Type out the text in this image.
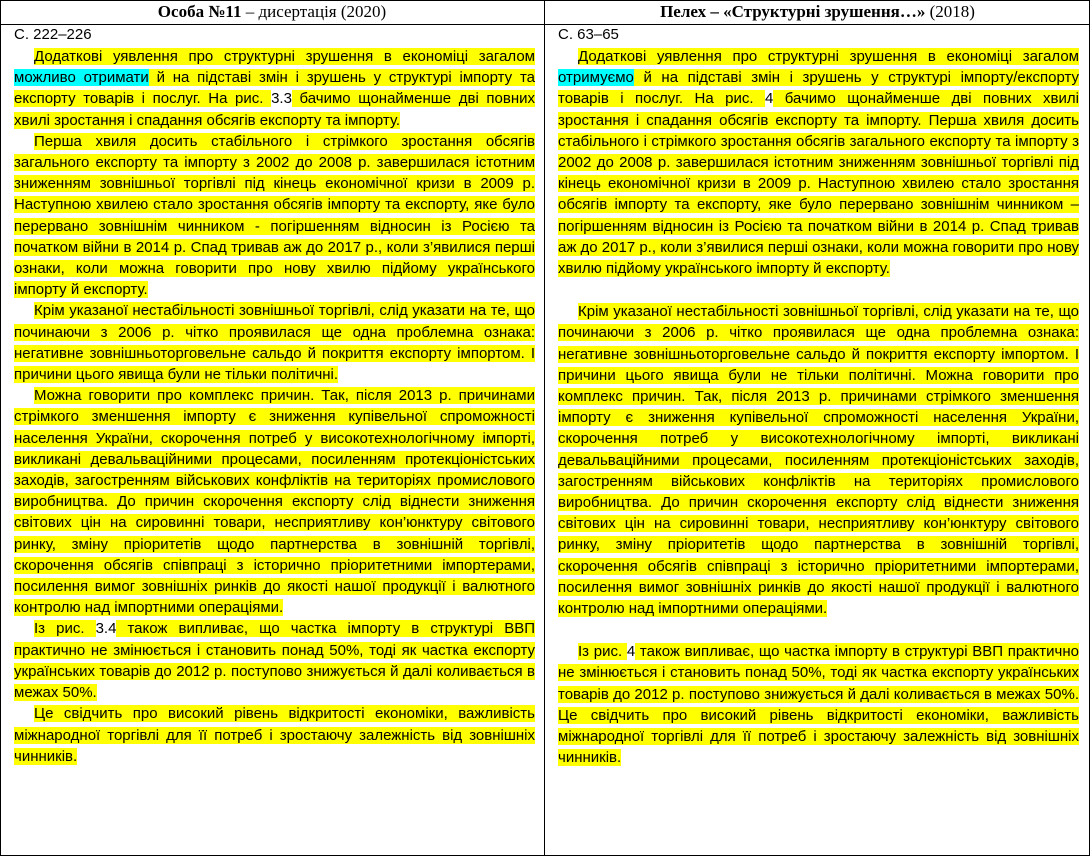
Особа №11 – дисертація (2020)	Пелех – «Структурні зрушення…» (2018)
С. 222–226

Додаткові уявлення про структурні зрушення в економіці загалом можливо отримати й на підставі змін і зрушень у структурі імпорту та експорту товарів і послуг. На рис. 3.3 бачимо щонайменше дві повних хвилі зростання і спадання обсягів експорту та імпорту.

Перша хвиля досить стабільного і стрімкого зростання обсягів загального експорту та імпорту з 2002 до 2008 р. завершилася істотним зниженням зовнішньої торгівлі під кінець економічної кризи в 2009 р. Наступною хвилею стало зростання обсягів імпорту та експорту, яке було перервано зовнішнім чинником - погіршенням відносин із Росією та початком війни в 2014 р. Спад тривав аж до 2017 р., коли з’явилися перші ознаки, коли можна говорити про нову хвилю підйому українського імпорту й експорту.

Крім указаної нестабільності зовнішньої торгівлі, слід указати на те, що починаючи з 2006 р. чітко проявилася ще одна проблемна ознака: негативне зовнішньоторговельне сальдо й покриття експорту імпортом. І причини цього явища були не тільки політичні.

Можна говорити про комплекс причин. Так, після 2013 р. причинами стрімкого зменшення імпорту є зниження купівельної спроможності населення України, скорочення потреб у високотехнологічному імпорті, викликані девальваційними процесами, посиленням протекціоністських заходів, загостренням військових конфліктів на територіях промислового виробництва. До причин скорочення експорту слід віднести зниження світових цін на сировинні товари, несприятливу кон’юнктуру світового ринку, зміну пріоритетів щодо партнерства в зовнішній торгівлі, скорочення обсягів співпраці з історично пріоритетними імпортерами, посилення вимог зовнішніх ринків до якості нашої продукції і валютного контролю над імпортними операціями.

Із рис. 3.4 також випливає, що частка імпорту в структурі ВВП практично не змінюється і становить понад 50%, тоді як частка експорту українських товарів до 2012 р. поступово знижується й далі коливається в межах 50%.

Це свідчить про високий рівень відкритості економіки, важливість міжнародної торгівлі для її потреб і зростаючу залежність від зовнішніх чинників.

С. 63–65

Додаткові уявлення про структурні зрушення в економіці загалом отримуємо й на підставі змін і зрушень у структурі імпорту/експорту товарів і послуг. На рис. 4 бачимо щонайменше дві повних хвилі зростання і спадання обсягів експорту та імпорту. Перша хвиля досить стабільного і стрімкого зростання обсягів загального експорту та імпорту з 2002 до 2008 р. завершилася істотним зниженням зовнішньої торгівлі під кінець економічної кризи в 2009 р. Наступною хвилею стало зростання обсягів імпорту та експорту, яке було перервано зовнішнім чинником – погіршенням відносин із Росією та початком війни в 2014 р. Спад тривав аж до 2017 р., коли з’явилися перші ознаки, коли можна говорити про нову хвилю підйому українського імпорту й експорту.

Крім указаної нестабільності зовнішньої торгівлі, слід указати на те, що починаючи з 2006 р. чітко проявилася ще одна проблемна ознака: негативне зовнішньоторговельне сальдо й покриття експорту імпортом. І причини цього явища були не тільки політичні. Можна говорити про комплекс причин. Так, після 2013 р. причинами стрімкого зменшення імпорту є зниження купівельної спроможності населення України, скорочення потреб у високотехнологічному імпорті, викликані девальваційними процесами, посиленням протекціоністських заходів, загостренням військових конфліктів на територіях промислового виробництва. До причин скорочення експорту слід віднести зниження світових цін на сировинні товари, несприятливу кон’юнктуру світового ринку, зміну пріоритетів щодо партнерства в зовнішній торгівлі, скорочення обсягів співпраці з історично пріоритетними імпортерами, посилення вимог зовнішніх ринків до якості нашої продукції і валютного контролю над імпортними операціями.

Із рис. 4 також випливає, що частка імпорту в структурі ВВП практично не змінюється і становить понад 50%, тоді як частка експорту українських товарів до 2012 р. поступово знижується й далі коливається в межах 50%. Це свідчить про високий рівень відкритості економіки, важливість міжнародної торгівлі для її потреб і зростаючу залежність від зовнішніх чинників.
